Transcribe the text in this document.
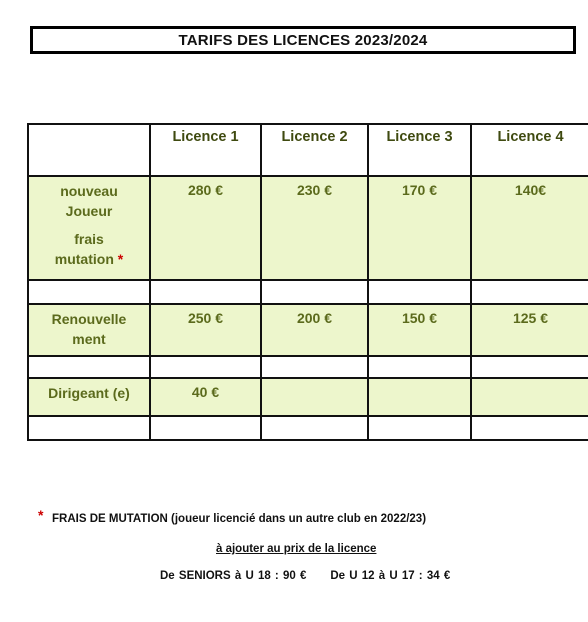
TARIFS DES LICENCES 2023/2024
	Licence 1	Licence 2	Licence 3	Licence 4

nouveau
Joueur
frais
mutation *	280 €	230 €	170 €	140€

Renouvelle
ment	250 €	200 €	150 €	125 €

Dirigeant (e)	40 €			

* FRAIS DE MUTATION (joueur licencié dans un autre club en 2022/23)
à ajouter au prix de la licence
De SENIORS à U 18 : 90 € De U 12 à U 17 : 34 €
